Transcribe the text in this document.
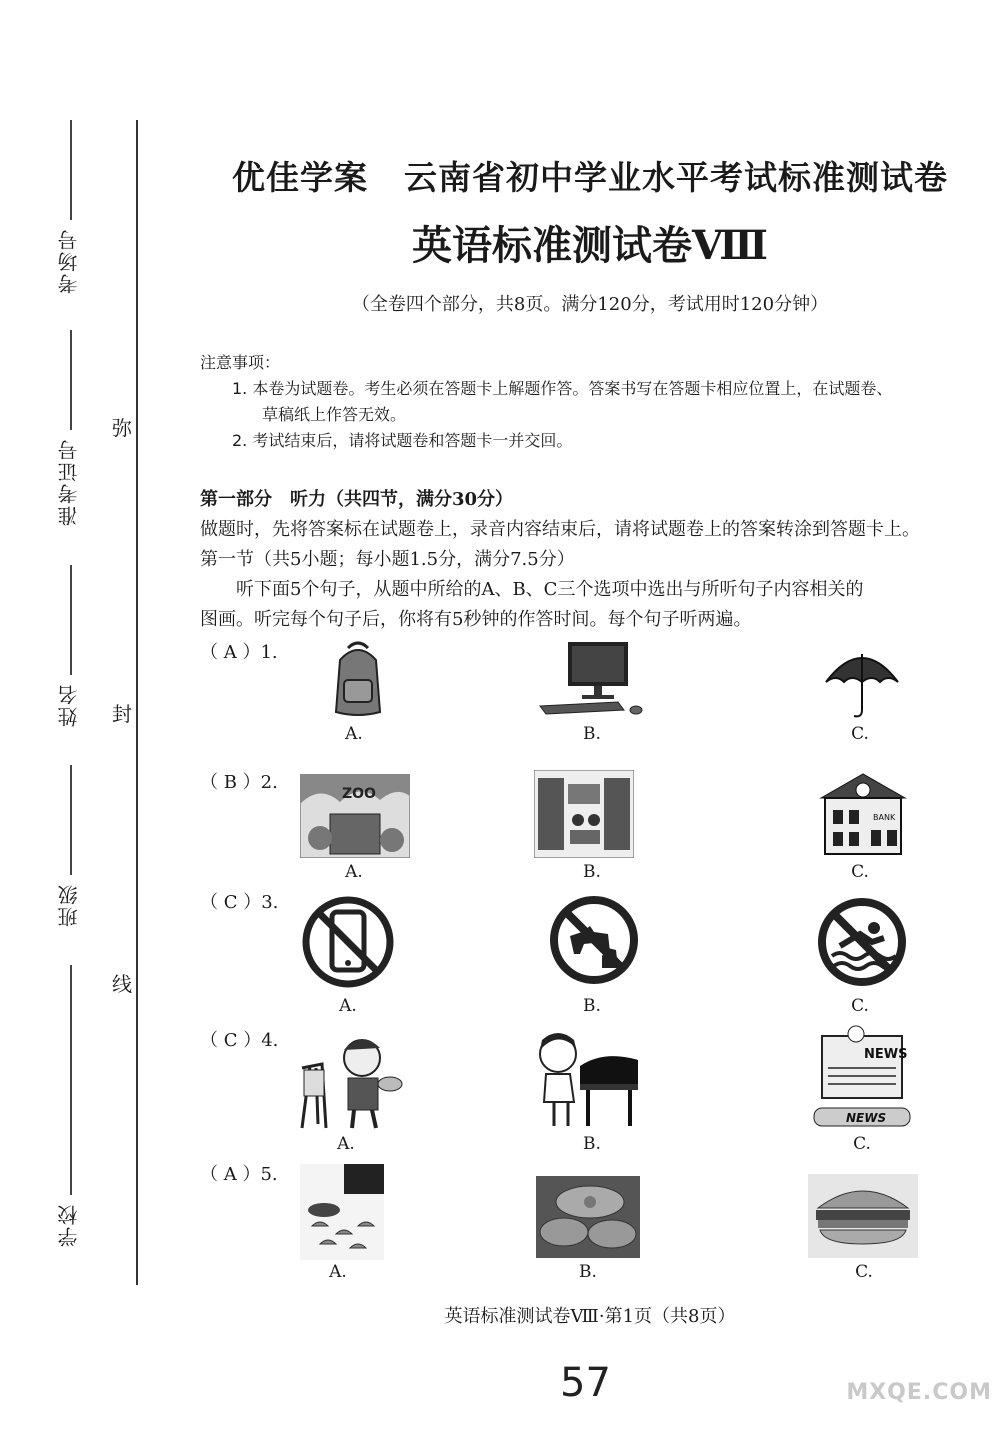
考场号
准考证号
姓名
班级
学校
弥
封
线
优佳学案 云南省初中学业水平考试标准测试卷
英语标准测试卷Ⅷ
（全卷四个部分，共8页。满分120分，考试用时120分钟）
注意事项：
1. 本卷为试题卷。考生必须在答题卡上解题作答。答案书写在答题卡相应位置上，在试题卷、
草稿纸上作答无效。
2. 考试结束后，请将试题卷和答题卡一并交回。
第一部分　听力（共四节，满分30分）
做题时，先将答案标在试题卷上，录音内容结束后，请将试题卷上的答案转涂到答题卡上。
第一节（共5小题；每小题1.5分，满分7.5分）
听下面5个句子，从题中所给的A、B、C三个选项中选出与所听句子内容相关的
图画。听完每个句子后，你将有5秒钟的作答时间。每个句子听两遍。
（ A ）1.
A.	B.	C.
（ B ）2.
ZOO
BANK
A.	B.	C.
（ C ）3.
A.	B.	C.
（ C ）4.
NEWS
NEWS
A.	B.	C.
（ A ）5.
A.	B.	C.
英语标准测试卷Ⅷ·第1页（共8页）
57	MXQE.COM
